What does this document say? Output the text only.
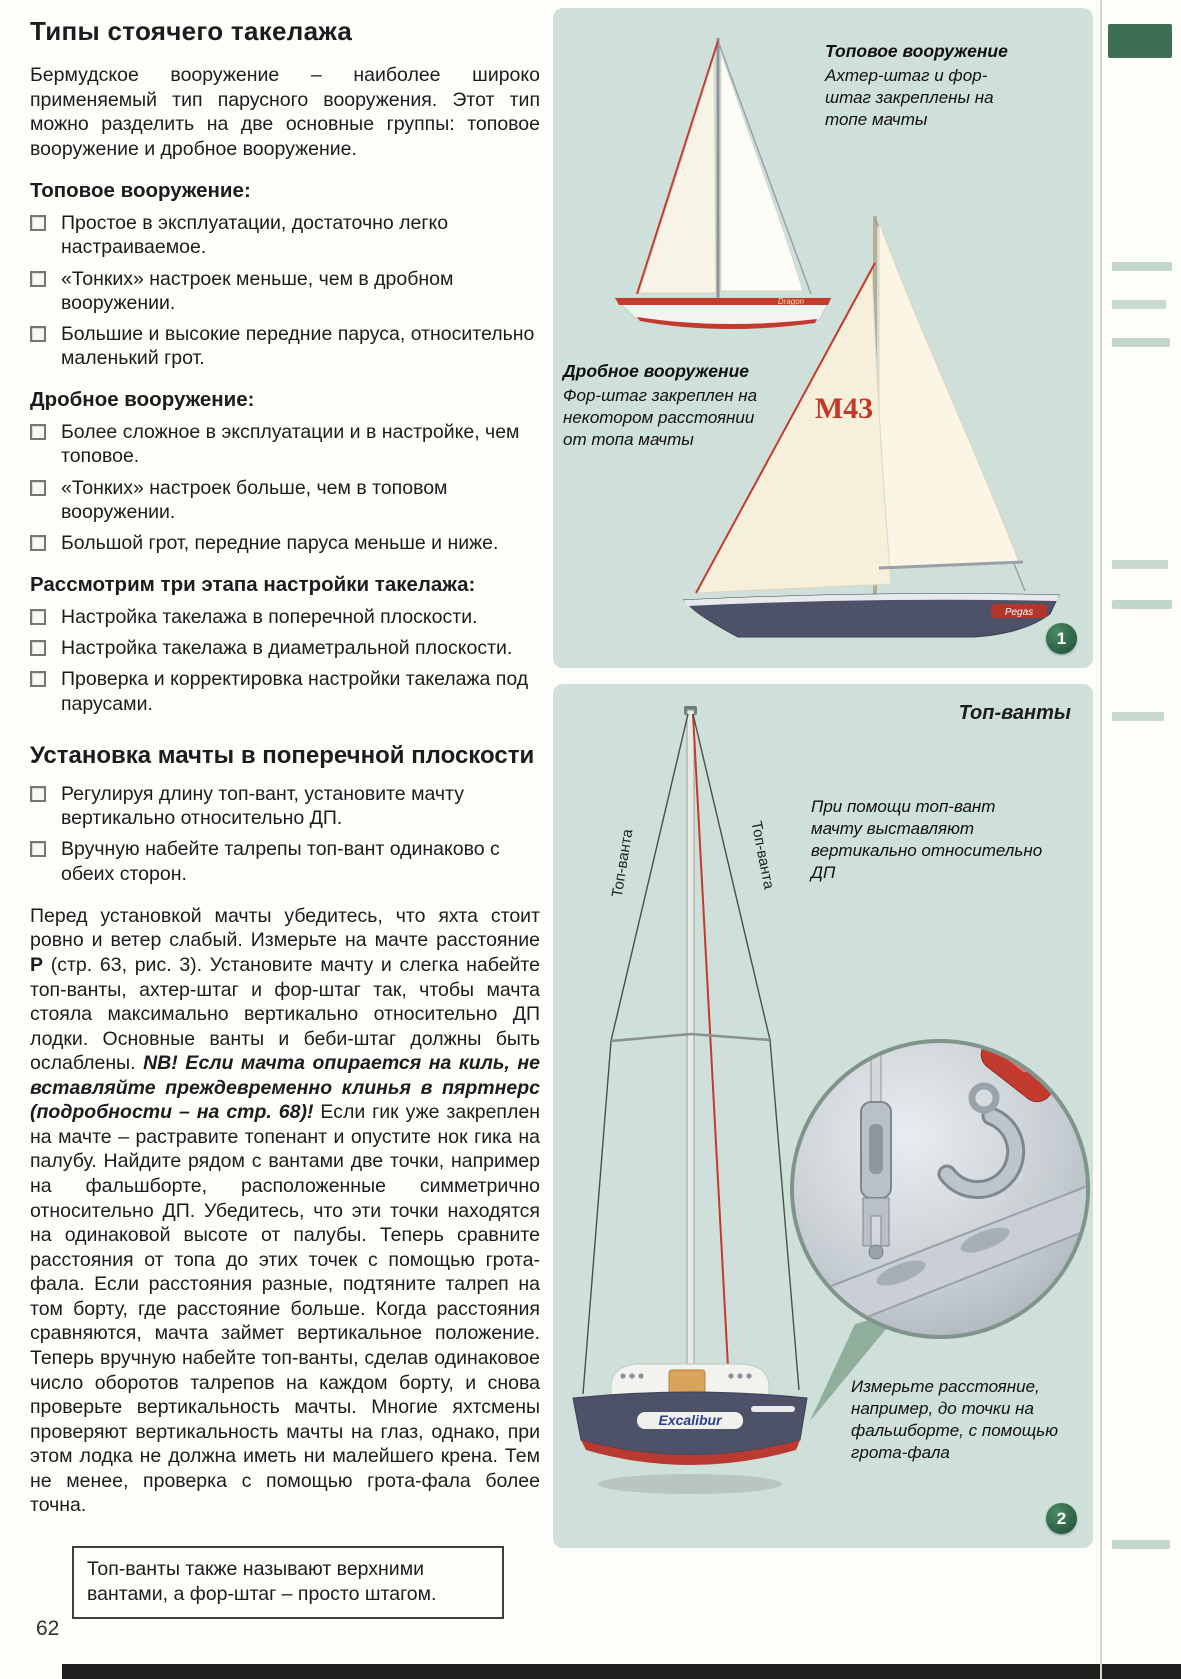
Типы стоячего такелажа

Бермудское вооружение – наиболее широко применяемый тип парусного вооружения. Этот тип можно разделить на две основные группы: топовое вооружение и дробное вооружение.

Топовое вооружение:
Простое в эксплуатации, достаточно легко настраиваемое.
«Тонких» настроек меньше, чем в дробном вооружении.
Большие и высокие передние паруса, относительно маленький грот.
Дробное вооружение:
Более сложное в эксплуатации и в настройке, чем топовое.
«Тонких» настроек больше, чем в топовом вооружении.
Большой грот, передние паруса меньше и ниже.
Рассмотрим три этапа настройки такелажа:
Настройка такелажа в поперечной плоскости.
Настройка такелажа в диаметральной плоскости.
Проверка и корректировка настройки такелажа под парусами.
Установка мачты в поперечной плоскости
Регулируя длину топ-вант, установите мачту вертикально относительно ДП.
Вручную набейте талрепы топ-вант одинаково с обеих сторон.

Перед установкой мачты убедитесь, что яхта стоит ровно и ветер слабый. Измерьте на мачте расстояние Р (стр. 63, рис. 3). Установите мачту и слегка набейте топ-ванты, ахтер-штаг и фор-штаг так, чтобы мачта стояла максимально вертикально относительно ДП лодки. Основные ванты и беби-штаг должны быть ослаблены. NB! Если мачта опирается на киль, не вставляйте преждевременно клинья в пяртнерс (подробности – на стр. 68)! Если гик уже закреплен на мачте – растравите топенант и опустите нок гика на палубу. Найдите рядом с вантами две точки, например на фальшборте, расположенные симметрично относительно ДП. Убедитесь, что эти точки находятся на одинаковой высоте от палубы. Теперь сравните расстояния от топа до этих точек с помощью грота-фала. Если расстояния разные, подтяните талреп на том борту, где расстояние больше. Когда расстояния сравняются, мачта займет вертикальное положение. Теперь вручную набейте топ-ванты, сделав одинаковое число оборотов талрепов на каждом борту, и снова проверьте вертикальность мачты. Многие яхтсмены проверяют вертикальность мачты на глаз, однако, при этом лодка не должна иметь ни малейшего крена. Тем не менее, проверка с помощью грота-фала более точна.

Топ-ванты также называют верхними вантами, а фор-штаг – просто штагом.
Топовое вооружение
Ахтер-штаг и фор-штаг закреплены на топе мачты
Дробное вооружение
Фор-штаг закреплен на некотором расстоянии от топа мачты
Dragon
М43
Pegas
1
Топ-ванты
При помощи топ-вант мачту выставляют вертикально относительно ДП
Измерьте расстояние, например, до точки на фальшборте, с помощью грота-фала
Топ-ванта	Топ-ванта
Excalibur
2
62
